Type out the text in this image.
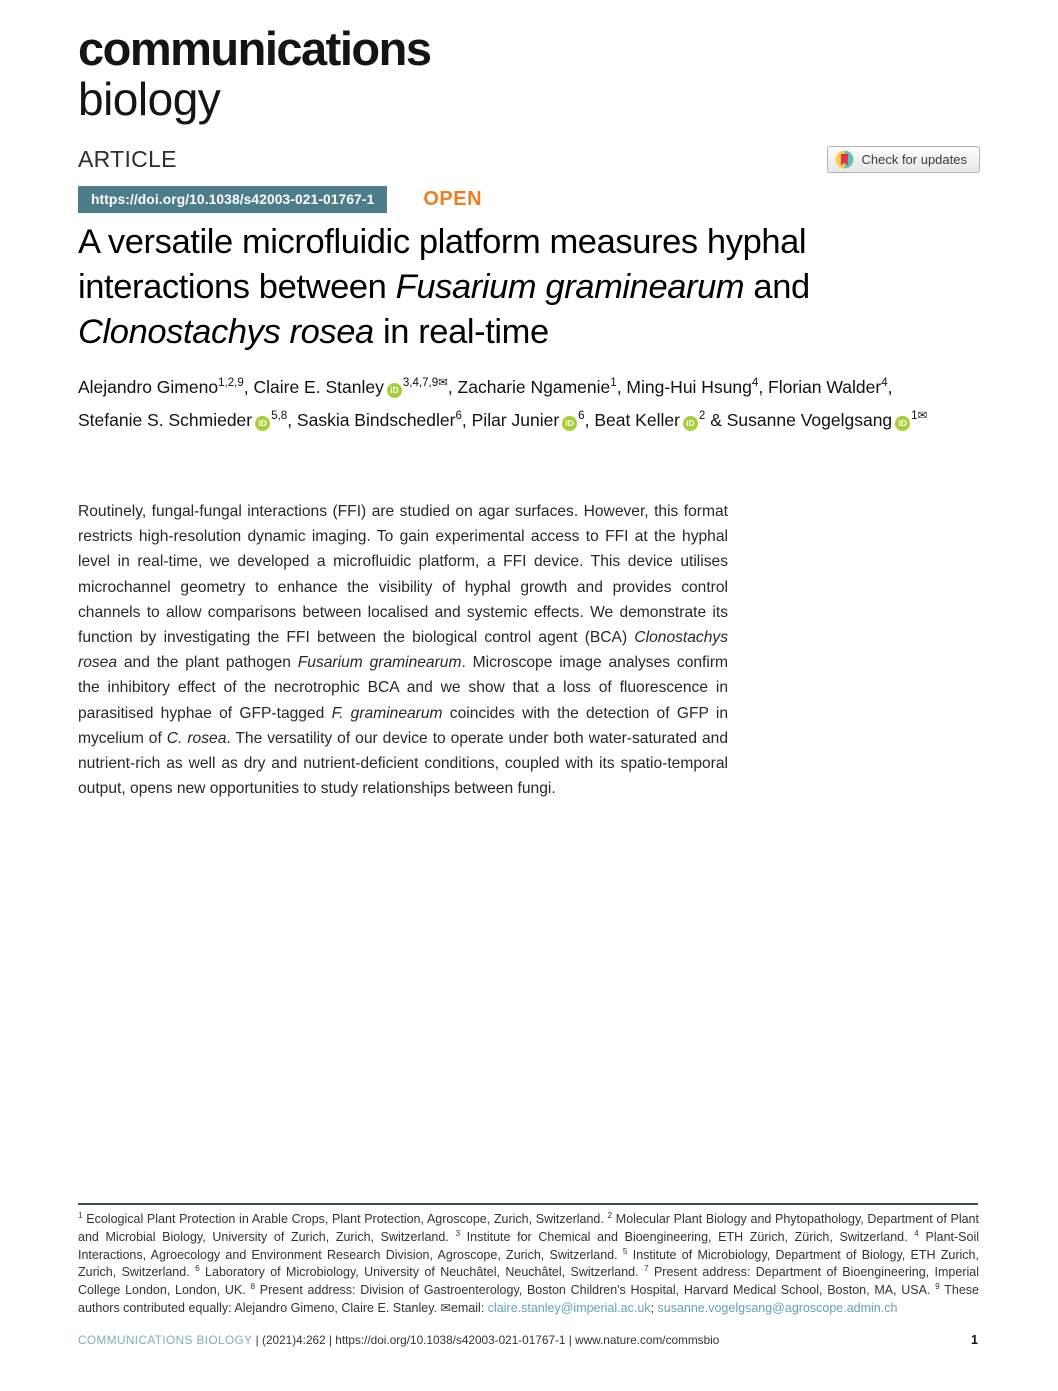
communications
biology
ARTICLE	Check for updates
https://doi.org/10.1038/s42003-021-01767-1	OPEN
A versatile microfluidic platform measures hyphal
interactions between Fusarium graminearum and
Clonostachys rosea in real-time
Alejandro Gimeno$^{1,2,9}$, Claire E. Stanley $iD^{3,4,7,9✉}$, Zacharie Ngamenie$^1$, Ming-Hui Hsung$^4$, Florian Walder$^4$,
Stefanie S. Schmieder iD$^{5,8}$, Saskia Bindschedler$^6$, Pilar Junier $iD^6$, Beat Keller $iD^2$ & Susanne Vogelgsang $iD^{1✉}$
Routinely, fungal-fungal interactions (FFI) are studied on agar surfaces. However, this format restricts high-resolution dynamic imaging. To gain experimental access to FFI at the hyphal level in real-time, we developed a microfluidic platform, a FFI device. This device utilises microchannel geometry to enhance the visibility of hyphal growth and provides control channels to allow comparisons between localised and systemic effects. We demonstrate its function by investigating the FFI between the biological control agent (BCA) Clonostachys rosea and the plant pathogen Fusarium graminearum. Microscope image analyses confirm the inhibitory effect of the necrotrophic BCA and we show that a loss of fluorescence in parasitised hyphae of GFP-tagged F. graminearum coincides with the detection of GFP in mycelium of C. rosea. The versatility of our device to operate under both water-saturated and nutrient-rich as well as dry and nutrient-deficient conditions, coupled with its spatio-temporal output, opens new opportunities to study relationships between fungi.
$^1$ Ecological Plant Protection in Arable Crops, Plant Protection, Agroscope, Zurich, Switzerland. $^2$ Molecular Plant Biology and Phytopathology, Department of Plant and Microbial Biology, University of Zurich, Zurich, Switzerland. $^3$ Institute for Chemical and Bioengineering, ETH Zürich, Zürich, Switzerland. $^4$ Plant-Soil Interactions, Agroecology and Environment Research Division, Agroscope, Zurich, Switzerland. $^5$ Institute of Microbiology, Department of Biology, ETH Zurich, Zurich, Switzerland. $^6$ Laboratory of Microbiology, University of Neuchâtel, Neuchâtel, Switzerland. $^7$ Present address: Department of Bioengineering, Imperial College London, London, UK. $^8$ Present address: Division of Gastroenterology, Boston Children's Hospital, Harvard Medical School, Boston, MA, USA. $^9$ These authors contributed equally: Alejandro Gimeno, Claire E. Stanley. ✉email: claire.stanley@imperial.ac.uk; susanne.vogelgsang@agroscope.admin.ch
COMMUNICATIONS BIOLOGY | (2021)4:262 | https://doi.org/10.1038/s42003-021-01767-1 | www.nature.com/commsbio	1
